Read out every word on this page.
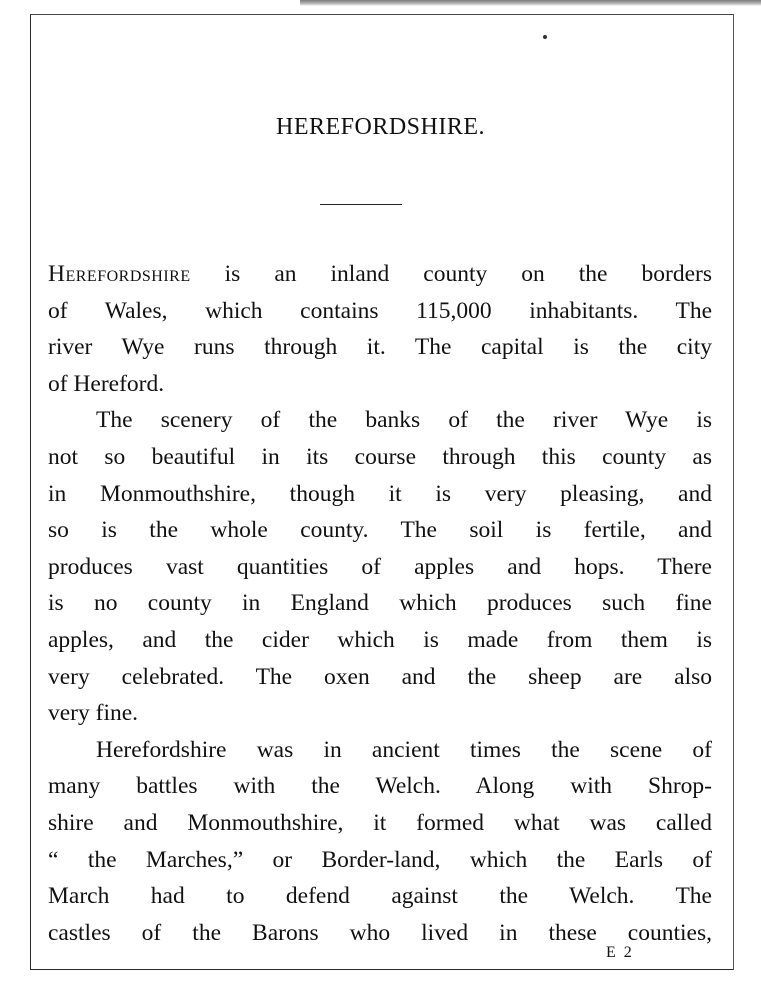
HEREFORDSHIRE.

Herefordshire is an inland county on the borders
of Wales, which contains 115,000 inhabitants. The
river Wye runs through it. The capital is the city
of Hereford.

The scenery of the banks of the river Wye is
not so beautiful in its course through this county as
in Monmouthshire, though it is very pleasing, and
so is the whole county. The soil is fertile, and
produces vast quantities of apples and hops. There
is no county in England which produces such fine
apples, and the cider which is made from them is
very celebrated. The oxen and the sheep are also
very fine.

Herefordshire was in ancient times the scene of
many battles with the Welch. Along with Shrop-
shire and Monmouthshire, it formed what was called
“ the Marches,” or Border-land, which the Earls of
March had to defend against the Welch. The
castles of the Barons who lived in these counties,

E 2
